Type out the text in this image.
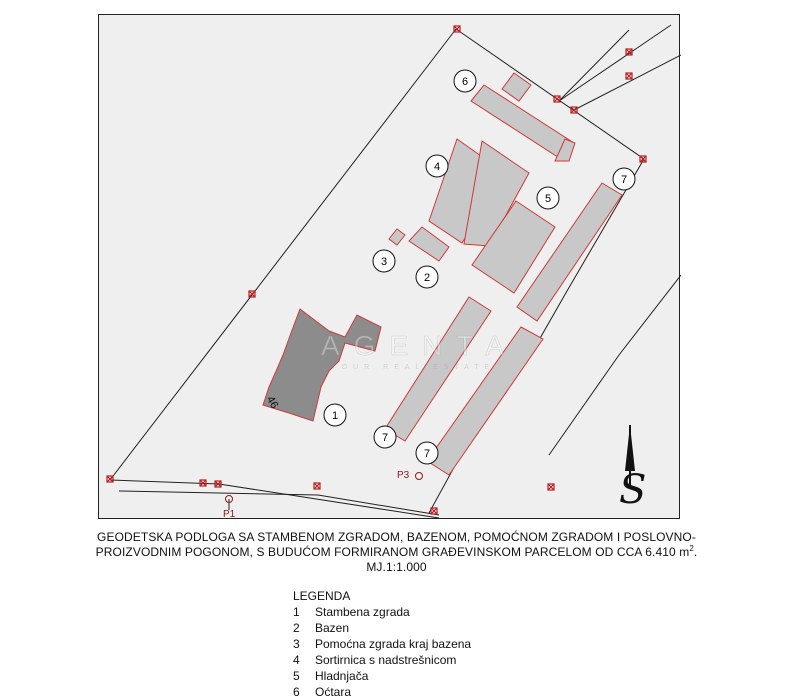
S
46
AGENTA
YOUR REAL ESTATE
P1
P3
1
2
3
4
5
6
7
7
7
GEODETSKA PODLOGA SA STAMBENOM ZGRADOM, BAZENOM, POMOĆNOM ZGRADOM I POSLOVNO-
PROIZVODNIM POGONOM, S BUDUĆOM FORMIRANOM GRAĐEVINSKOM PARCELOM OD CCA 6.410 $m^2$.
MJ.1:1.000
LEGENDA
1	Stambena zgrada
2	Bazen
3	Pomoćna zgrada kraj bazena
4	Sortirnica s nadstrešnicom
5	Hladnjača
6	Oćtara
